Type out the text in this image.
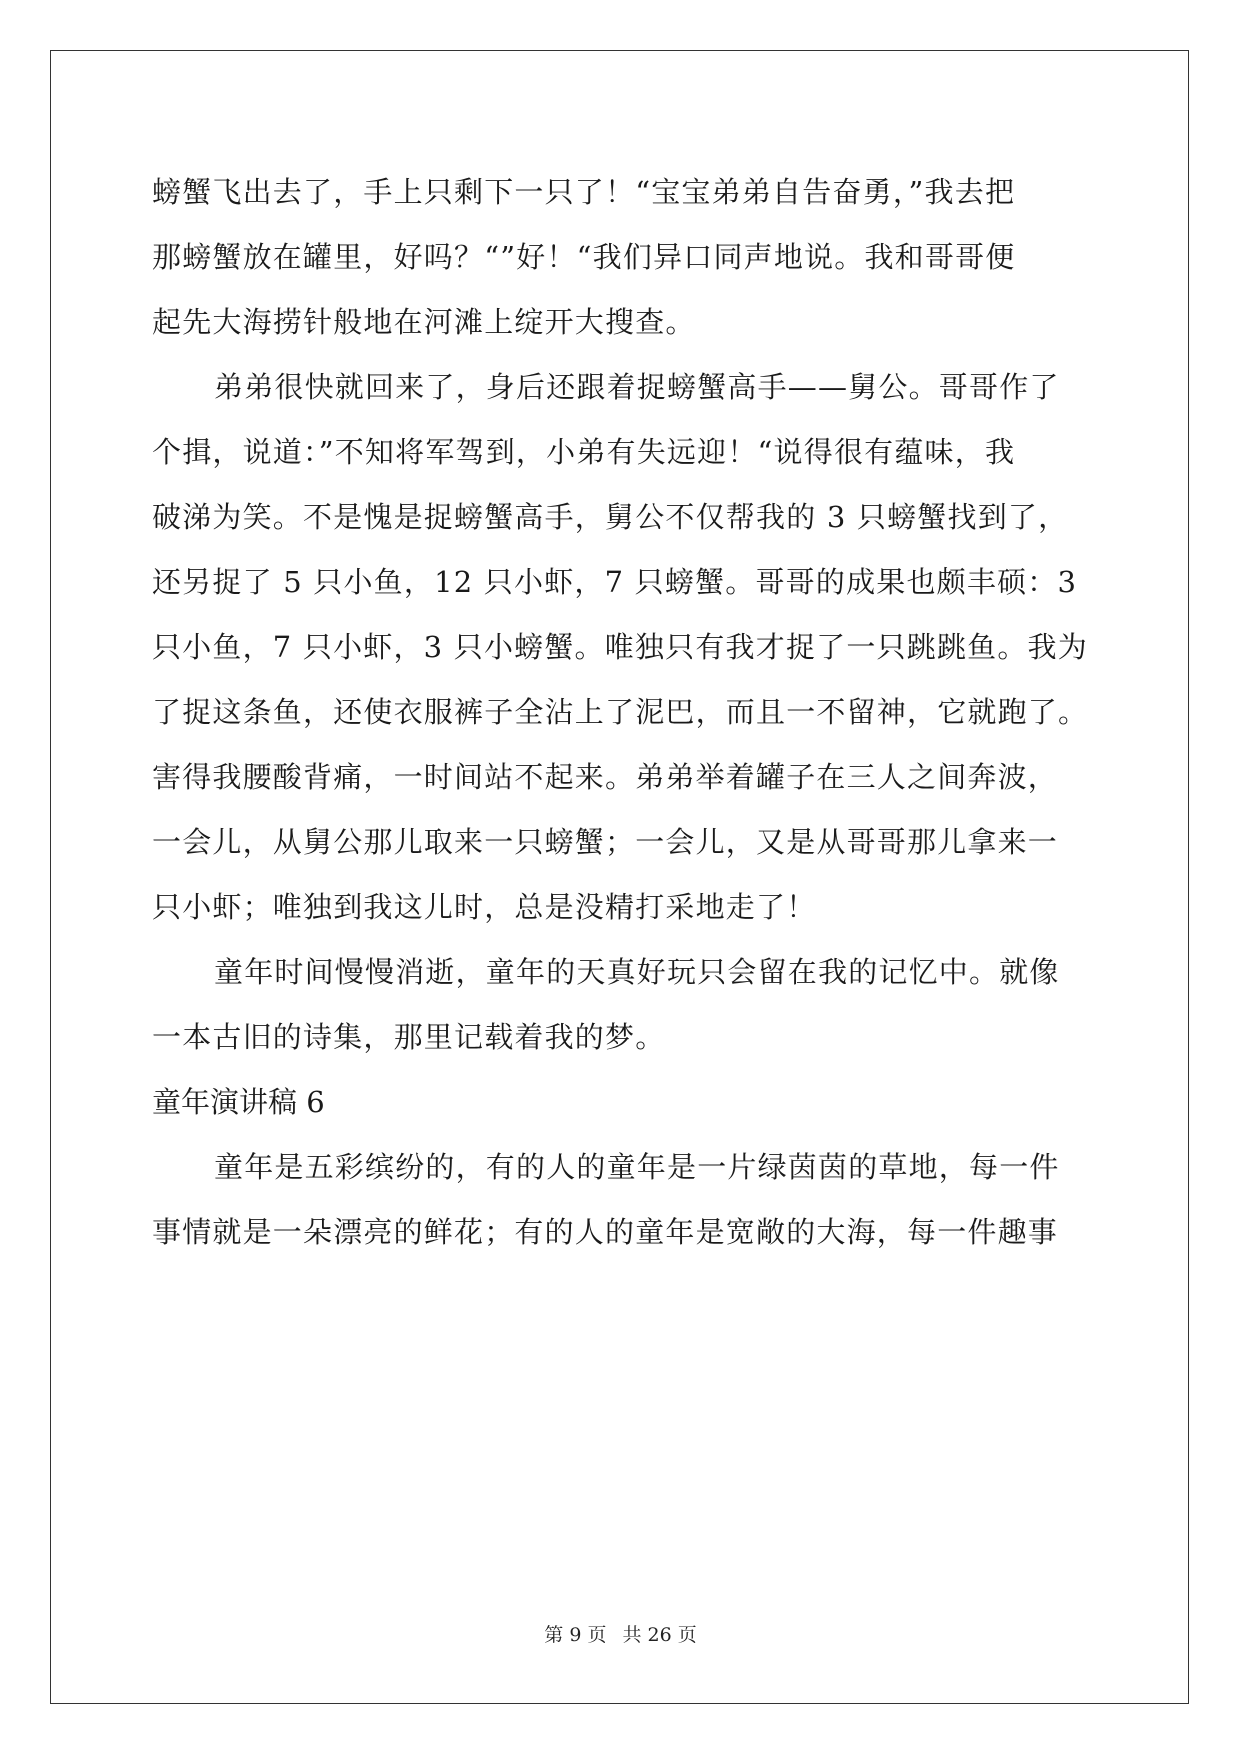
螃蟹飞出去了，手上只剩下一只了！“宝宝弟弟自告奋勇，”我去把
那螃蟹放在罐里，好吗？“”好！“我们异口同声地说。我和哥哥便
起先大海捞针般地在河滩上绽开大搜查。
弟弟很快就回来了，身后还跟着捉螃蟹高手——舅公。哥哥作了
个揖，说道：”不知将军驾到，小弟有失远迎！“说得很有蕴味，我
破涕为笑。不是愧是捉螃蟹高手，舅公不仅帮我的 3 只螃蟹找到了，
还另捉了 5 只小鱼，12 只小虾，7 只螃蟹。哥哥的成果也颇丰硕：3
只小鱼，7 只小虾，3 只小螃蟹。唯独只有我才捉了一只跳跳鱼。我为
了捉这条鱼，还使衣服裤子全沾上了泥巴，而且一不留神，它就跑了。
害得我腰酸背痛，一时间站不起来。弟弟举着罐子在三人之间奔波，
一会儿，从舅公那儿取来一只螃蟹；一会儿，又是从哥哥那儿拿来一
只小虾；唯独到我这儿时，总是没精打采地走了！
童年时间慢慢消逝，童年的天真好玩只会留在我的记忆中。就像
一本古旧的诗集，那里记载着我的梦。
童年演讲稿 6
童年是五彩缤纷的，有的人的童年是一片绿茵茵的草地，每一件
事情就是一朵漂亮的鲜花；有的人的童年是宽敞的大海，每一件趣事
第 9 页 共 26 页
